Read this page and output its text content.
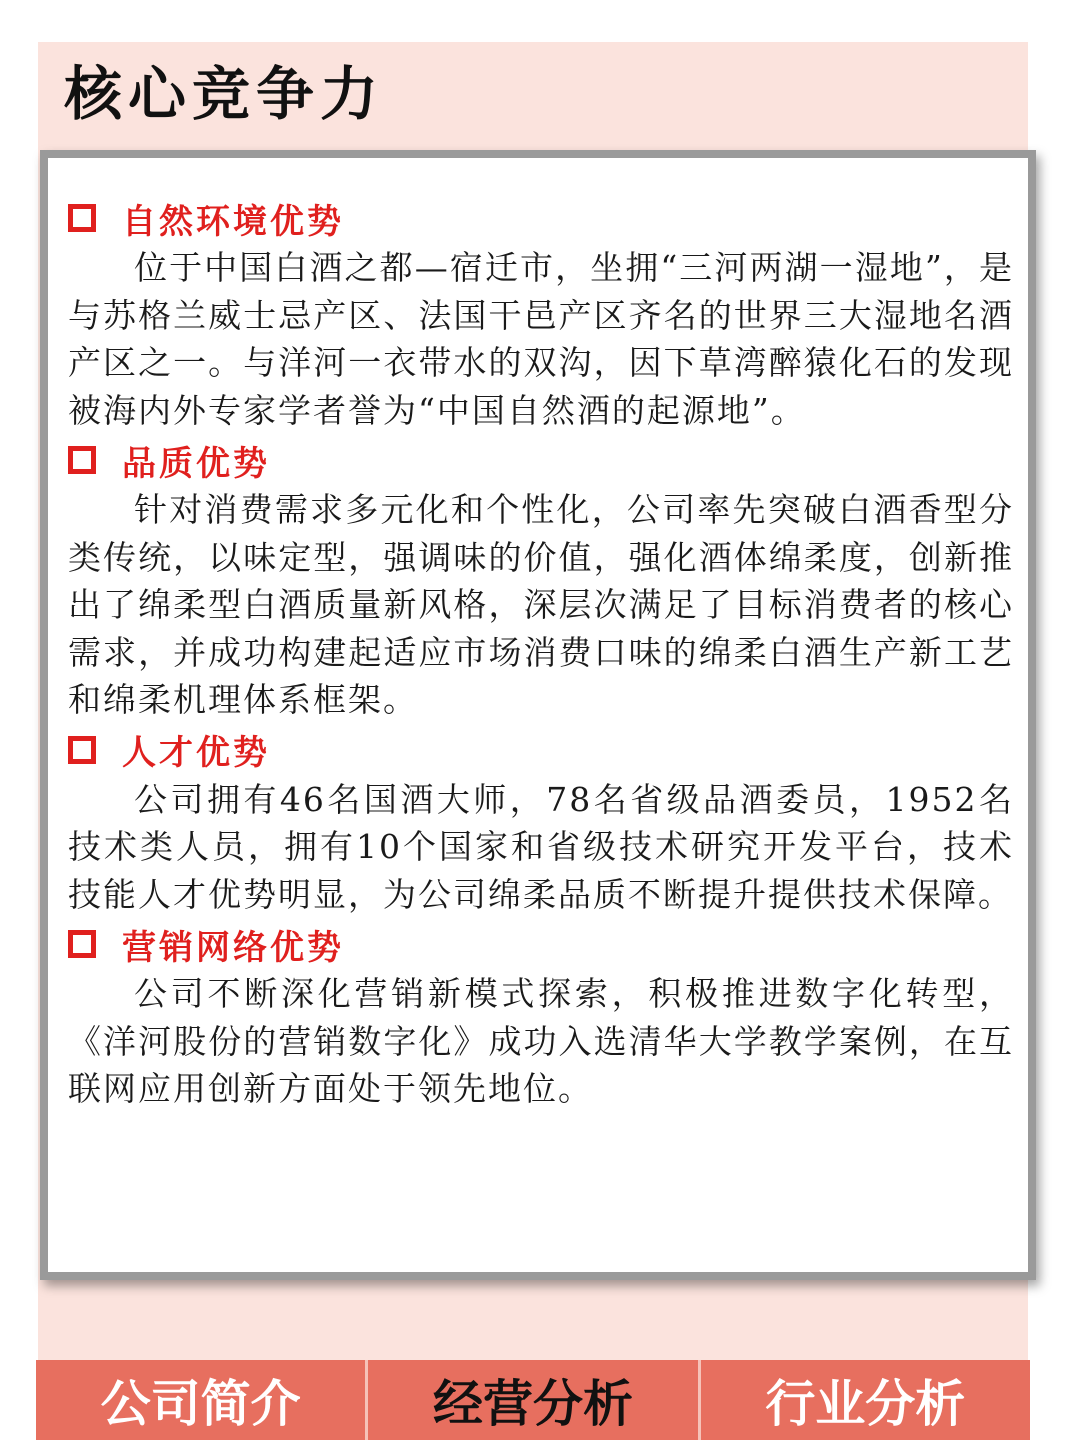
核心竞争力
自然环境优势

位于中国白酒之都—宿迁市，坐拥“三河两湖一湿地”，是与苏格兰威士忌产区、法国干邑产区齐名的世界三大湿地名酒产区之一。与洋河一衣带水的双沟，因下草湾醉猿化石的发现被海内外专家学者誉为“中国自然酒的起源地”。

品质优势

针对消费需求多元化和个性化，公司率先突破白酒香型分类传统，以味定型，强调味的价值，强化酒体绵柔度，创新推出了绵柔型白酒质量新风格，深层次满足了目标消费者的核心需求，并成功构建起适应市场消费口味的绵柔白酒生产新工艺和绵柔机理体系框架。

人才优势

公司拥有46名国酒大师，78名省级品酒委员，1952名技术类人员，拥有10个国家和省级技术研究开发平台，技术技能人才优势明显，为公司绵柔品质不断提升提供技术保障。

营销网络优势

公司不断深化营销新模式探索，积极推进数字化转型，《洋河股份的营销数字化》成功入选清华大学教学案例，在互联网应用创新方面处于领先地位。

公司简介	经营分析	行业分析
